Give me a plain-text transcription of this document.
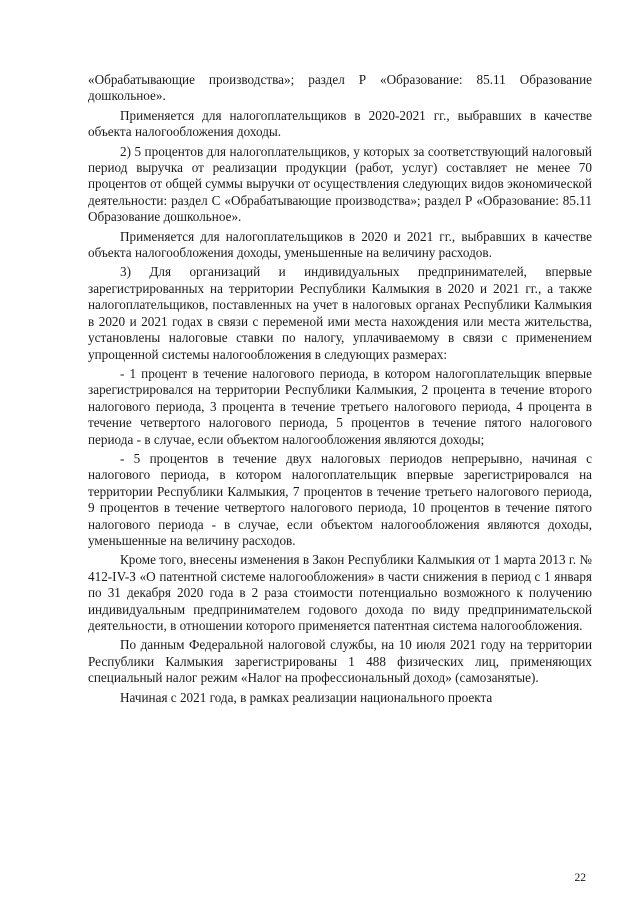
«Обрабатывающие производства»; раздел Р «Образование: 85.11 Образование дошкольное».

Применяется для налогоплательщиков в 2020-2021 гг., выбравших в качестве объекта налогообложения доходы.

2) 5 процентов для налогоплательщиков, у которых за соответствующий налоговый период выручка от реализации продукции (работ, услуг) составляет не менее 70 процентов от общей суммы выручки от осуществления следующих видов экономической деятельности: раздел С «Обрабатывающие производства»; раздел Р «Образование: 85.11 Образование дошкольное».

Применяется для налогоплательщиков в 2020 и 2021 гг., выбравших в качестве объекта налогообложения доходы, уменьшенные на величину расходов.

3) Для организаций и индивидуальных предпринимателей, впервые зарегистрированных на территории Республики Калмыкия в 2020 и 2021 гг., а также налогоплательщиков, поставленных на учет в налоговых органах Республики Калмыкия в 2020 и 2021 годах в связи с переменой ими места нахождения или места жительства, установлены налоговые ставки по налогу, уплачиваемому в связи с применением упрощенной системы налогообложения в следующих размерах:

- 1 процент в течение налогового периода, в котором налогоплательщик впервые зарегистрировался на территории Республики Калмыкия, 2 процента в течение второго налогового периода, 3 процента в течение третьего налогового периода, 4 процента в течение четвертого налогового периода, 5 процентов в течение пятого налогового периода - в случае, если объектом налогообложения являются доходы;

- 5 процентов в течение двух налоговых периодов непрерывно, начиная с налогового периода, в котором налогоплательщик впервые зарегистрировался на территории Республики Калмыкия, 7 процентов в течение третьего налогового периода, 9 процентов в течение четвертого налогового периода, 10 процентов в течение пятого налогового периода - в случае, если объектом налогообложения являются доходы, уменьшенные на величину расходов.

Кроме того, внесены изменения в Закон Республики Калмыкия от 1 марта 2013 г. № 412-IV-З «О патентной системе налогообложения» в части снижения в период с 1 января по 31 декабря 2020 года в 2 раза стоимости потенциально возможного к получению индивидуальным предпринимателем годового дохода по виду предпринимательской деятельности, в отношении которого применяется патентная система налогообложения.

По данным Федеральной налоговой службы, на 10 июля 2021 году на территории Республики Калмыкия зарегистрированы 1 488 физических лиц, применяющих специальный налог режим «Налог на профессиональный доход» (самозанятые).

Начиная с 2021 года, в рамках реализации национального проекта

22
